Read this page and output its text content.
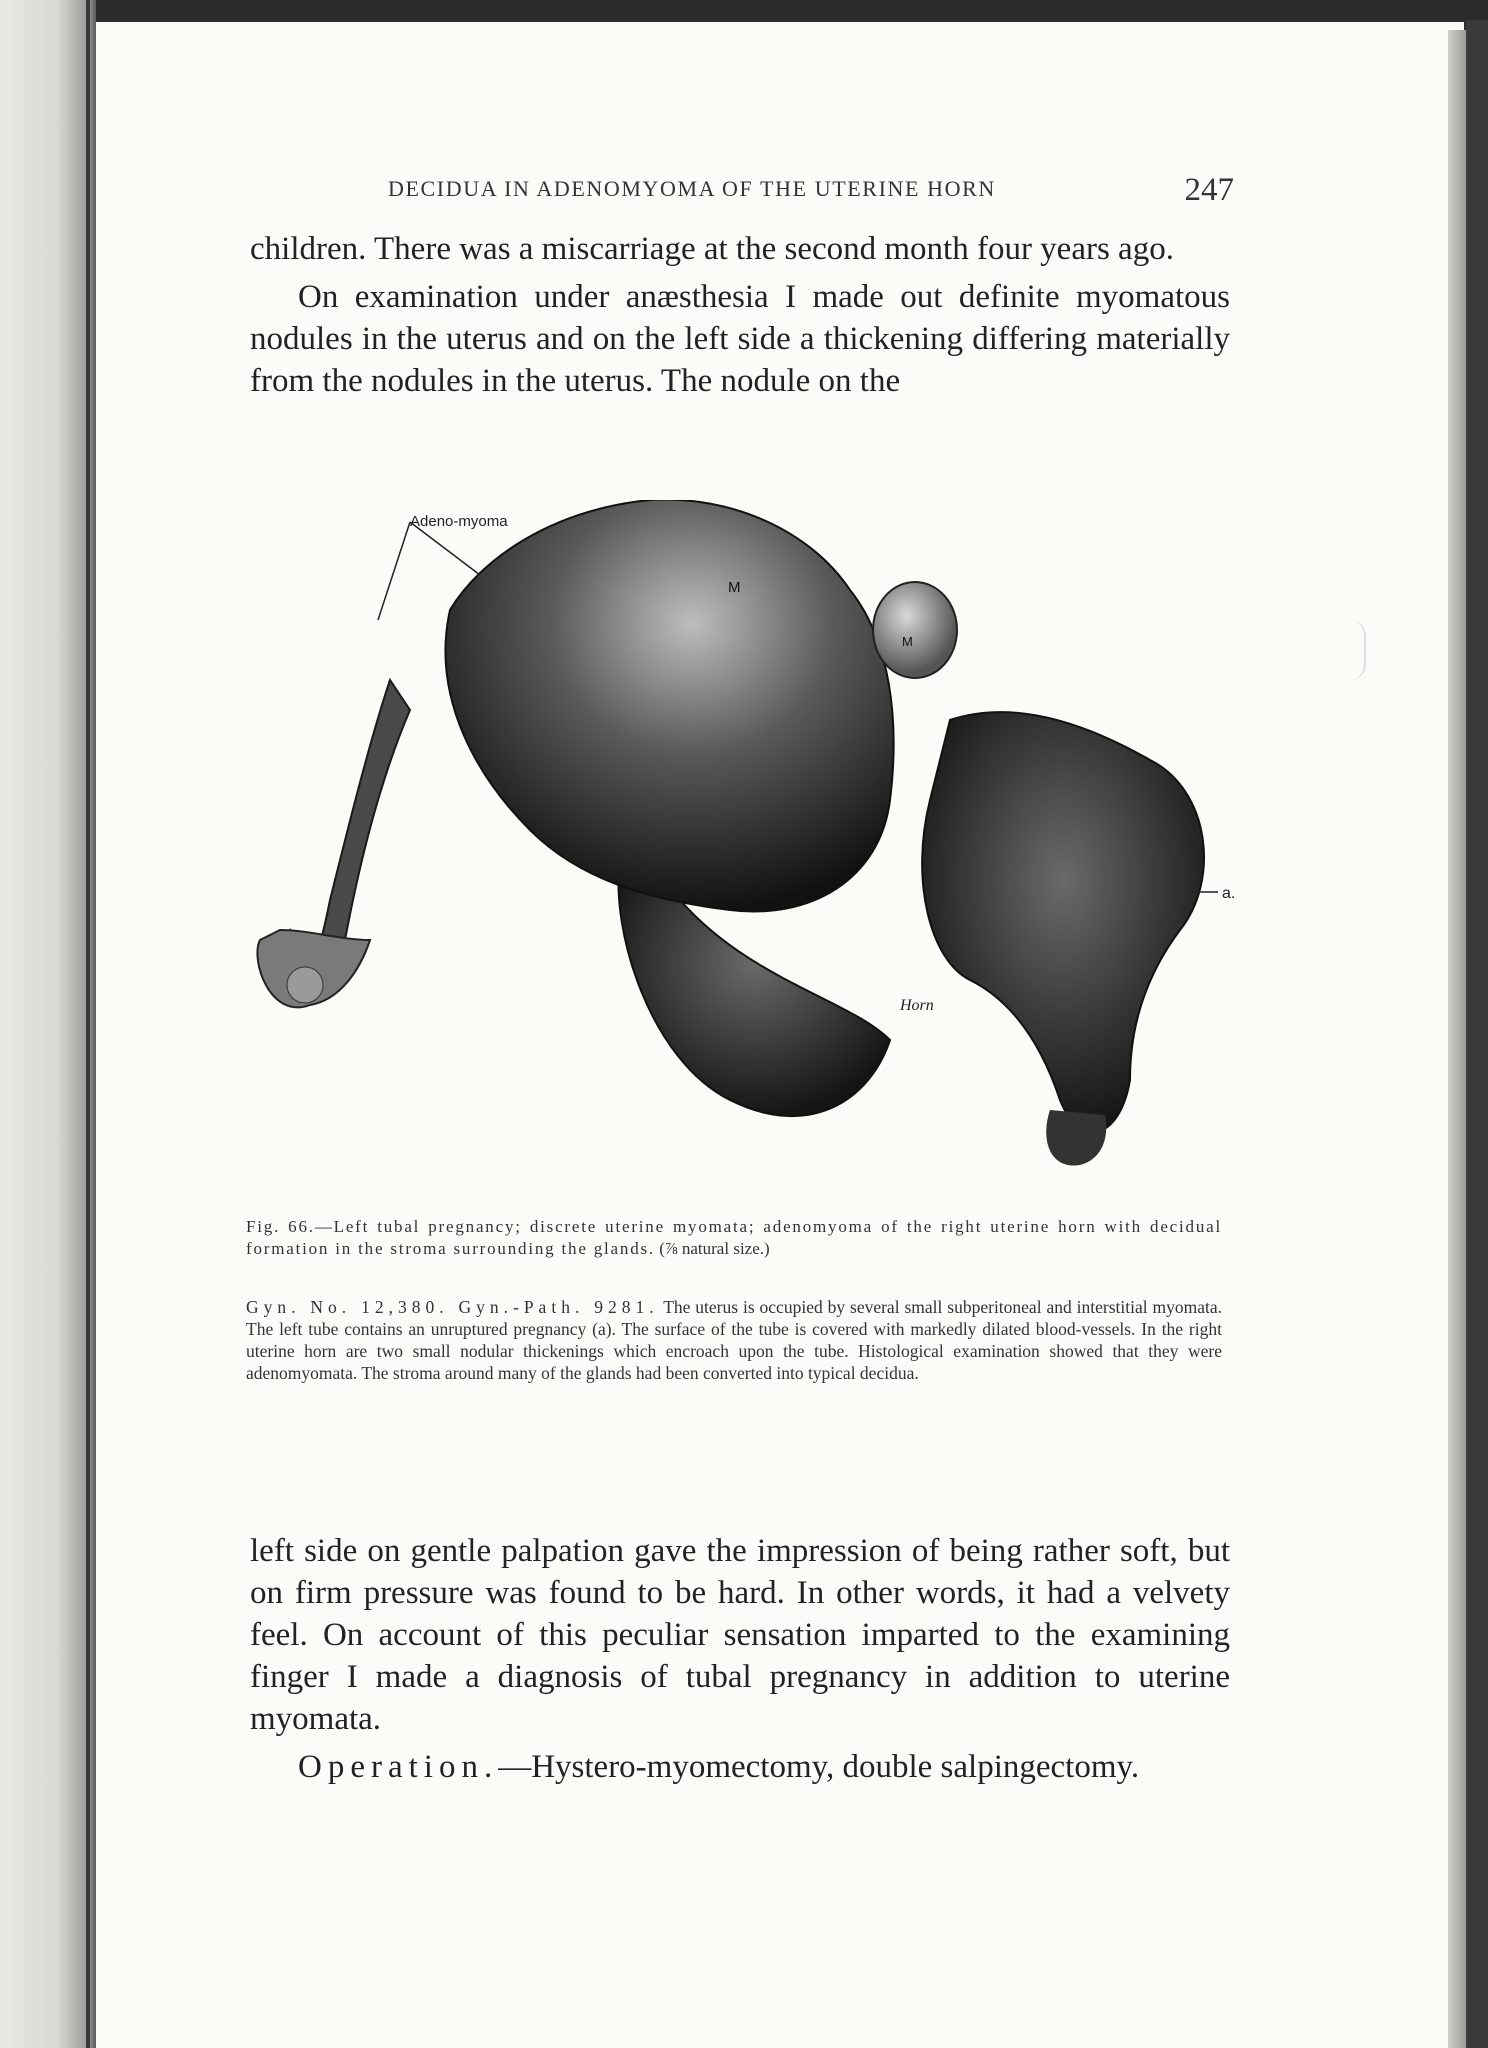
DECIDUA IN ADENOMYOMA OF THE UTERINE HORN	247

children. There was a miscarriage at the second month four years ago.

On examination under anæsthesia I made out definite myomatous nodules in the uterus and on the left side a thickening differing materially from the nodules in the uterus. The nodule on the

Adeno-myoma
M
M
a.
Horn
Fig. 66.—Left tubal pregnancy; discrete uterine myomata; adenomyoma of the right uterine horn with decidual formation in the stroma surrounding the glands. (⅞ natural size.)
Gyn. No. 12,380. Gyn.-Path. 9281. The uterus is occupied by several small subperitoneal and interstitial myomata. The left tube contains an unruptured pregnancy (a). The surface of the tube is covered with markedly dilated blood-vessels. In the right uterine horn are two small nodular thickenings which encroach upon the tube. Histological examination showed that they were adenomyomata. The stroma around many of the glands had been converted into typical decidua.

left side on gentle palpation gave the impression of being rather soft, but on firm pressure was found to be hard. In other words, it had a velvety feel. On account of this peculiar sensation imparted to the examining finger I made a diagnosis of tubal pregnancy in addition to uterine myomata.

Operation.—Hystero-myomectomy, double salpingectomy.
